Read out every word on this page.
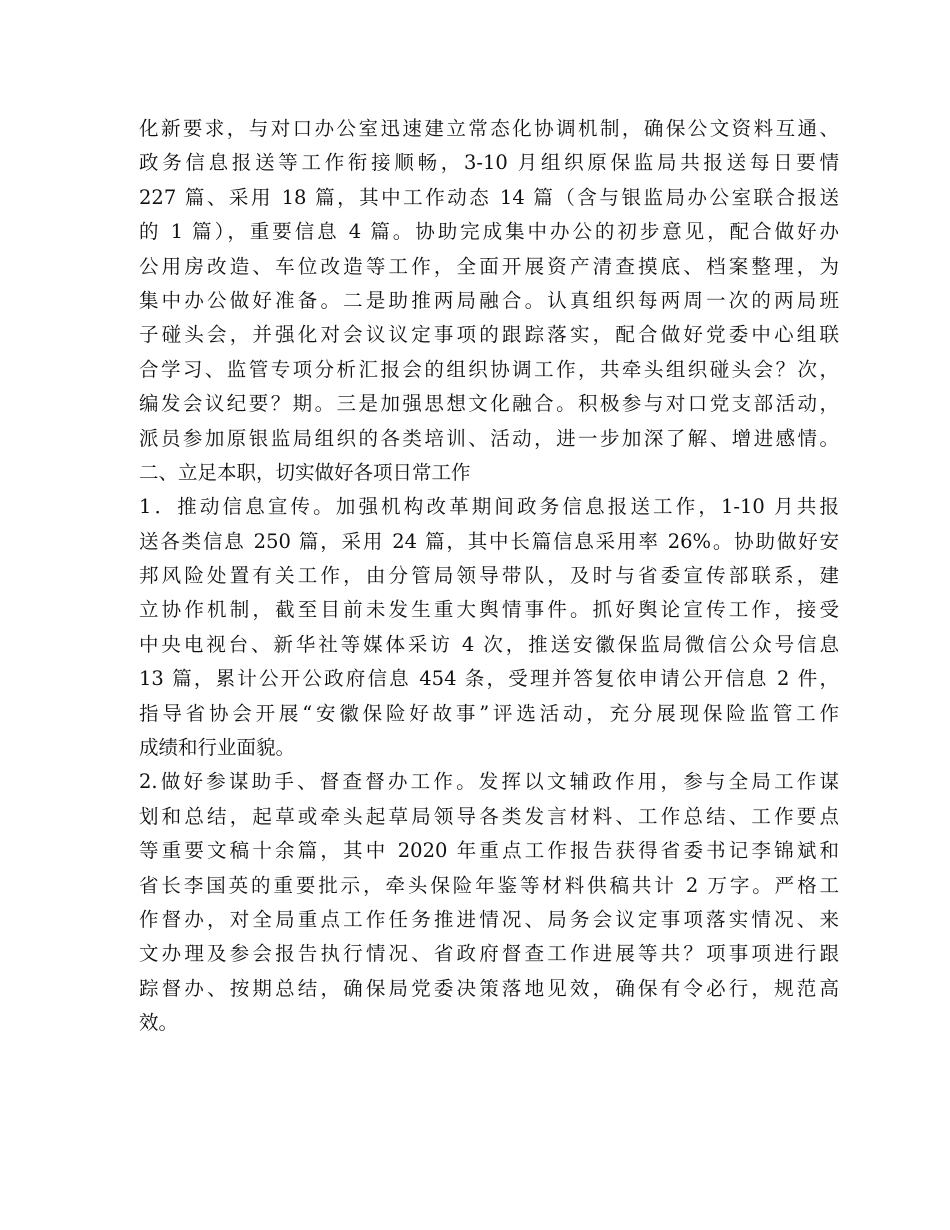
化新要求，与对口办公室迅速建立常态化协调机制，确保公文资料互通、
政务信息报送等工作衔接顺畅，3-10 月组织原保监局共报送每日要情
227 篇、采用 18 篇，其中工作动态 14 篇（含与银监局办公室联合报送
的 1 篇），重要信息 4 篇。协助完成集中办公的初步意见，配合做好办
公用房改造、车位改造等工作，全面开展资产清查摸底、档案整理，为
集中办公做好准备。二是助推两局融合。认真组织每两周一次的两局班
子碰头会，并强化对会议议定事项的跟踪落实，配合做好党委中心组联
合学习、监管专项分析汇报会的组织协调工作，共牵头组织碰头会？次，
编发会议纪要？期。三是加强思想文化融合。积极参与对口党支部活动，
派员参加原银监局组织的各类培训、活动，进一步加深了解、增进感情。
二、立足本职，切实做好各项日常工作
1．推动信息宣传。加强机构改革期间政务信息报送工作，1-10 月共报
送各类信息 250 篇，采用 24 篇，其中长篇信息采用率 26%。协助做好安
邦风险处置有关工作，由分管局领导带队，及时与省委宣传部联系，建
立协作机制，截至目前未发生重大舆情事件。抓好舆论宣传工作，接受
中央电视台、新华社等媒体采访 4 次，推送安徽保监局微信公众号信息
13 篇，累计公开公政府信息 454 条，受理并答复依申请公开信息 2 件，
指导省协会开展“安徽保险好故事”评选活动，充分展现保险监管工作
成绩和行业面貌。
2.做好参谋助手、督查督办工作。发挥以文辅政作用，参与全局工作谋
划和总结，起草或牵头起草局领导各类发言材料、工作总结、工作要点
等重要文稿十余篇，其中 2020 年重点工作报告获得省委书记李锦斌和
省长李国英的重要批示，牵头保险年鉴等材料供稿共计 2 万字。严格工
作督办，对全局重点工作任务推进情况、局务会议定事项落实情况、来
文办理及参会报告执行情况、省政府督查工作进展等共？项事项进行跟
踪督办、按期总结，确保局党委决策落地见效，确保有令必行，规范高
效。
